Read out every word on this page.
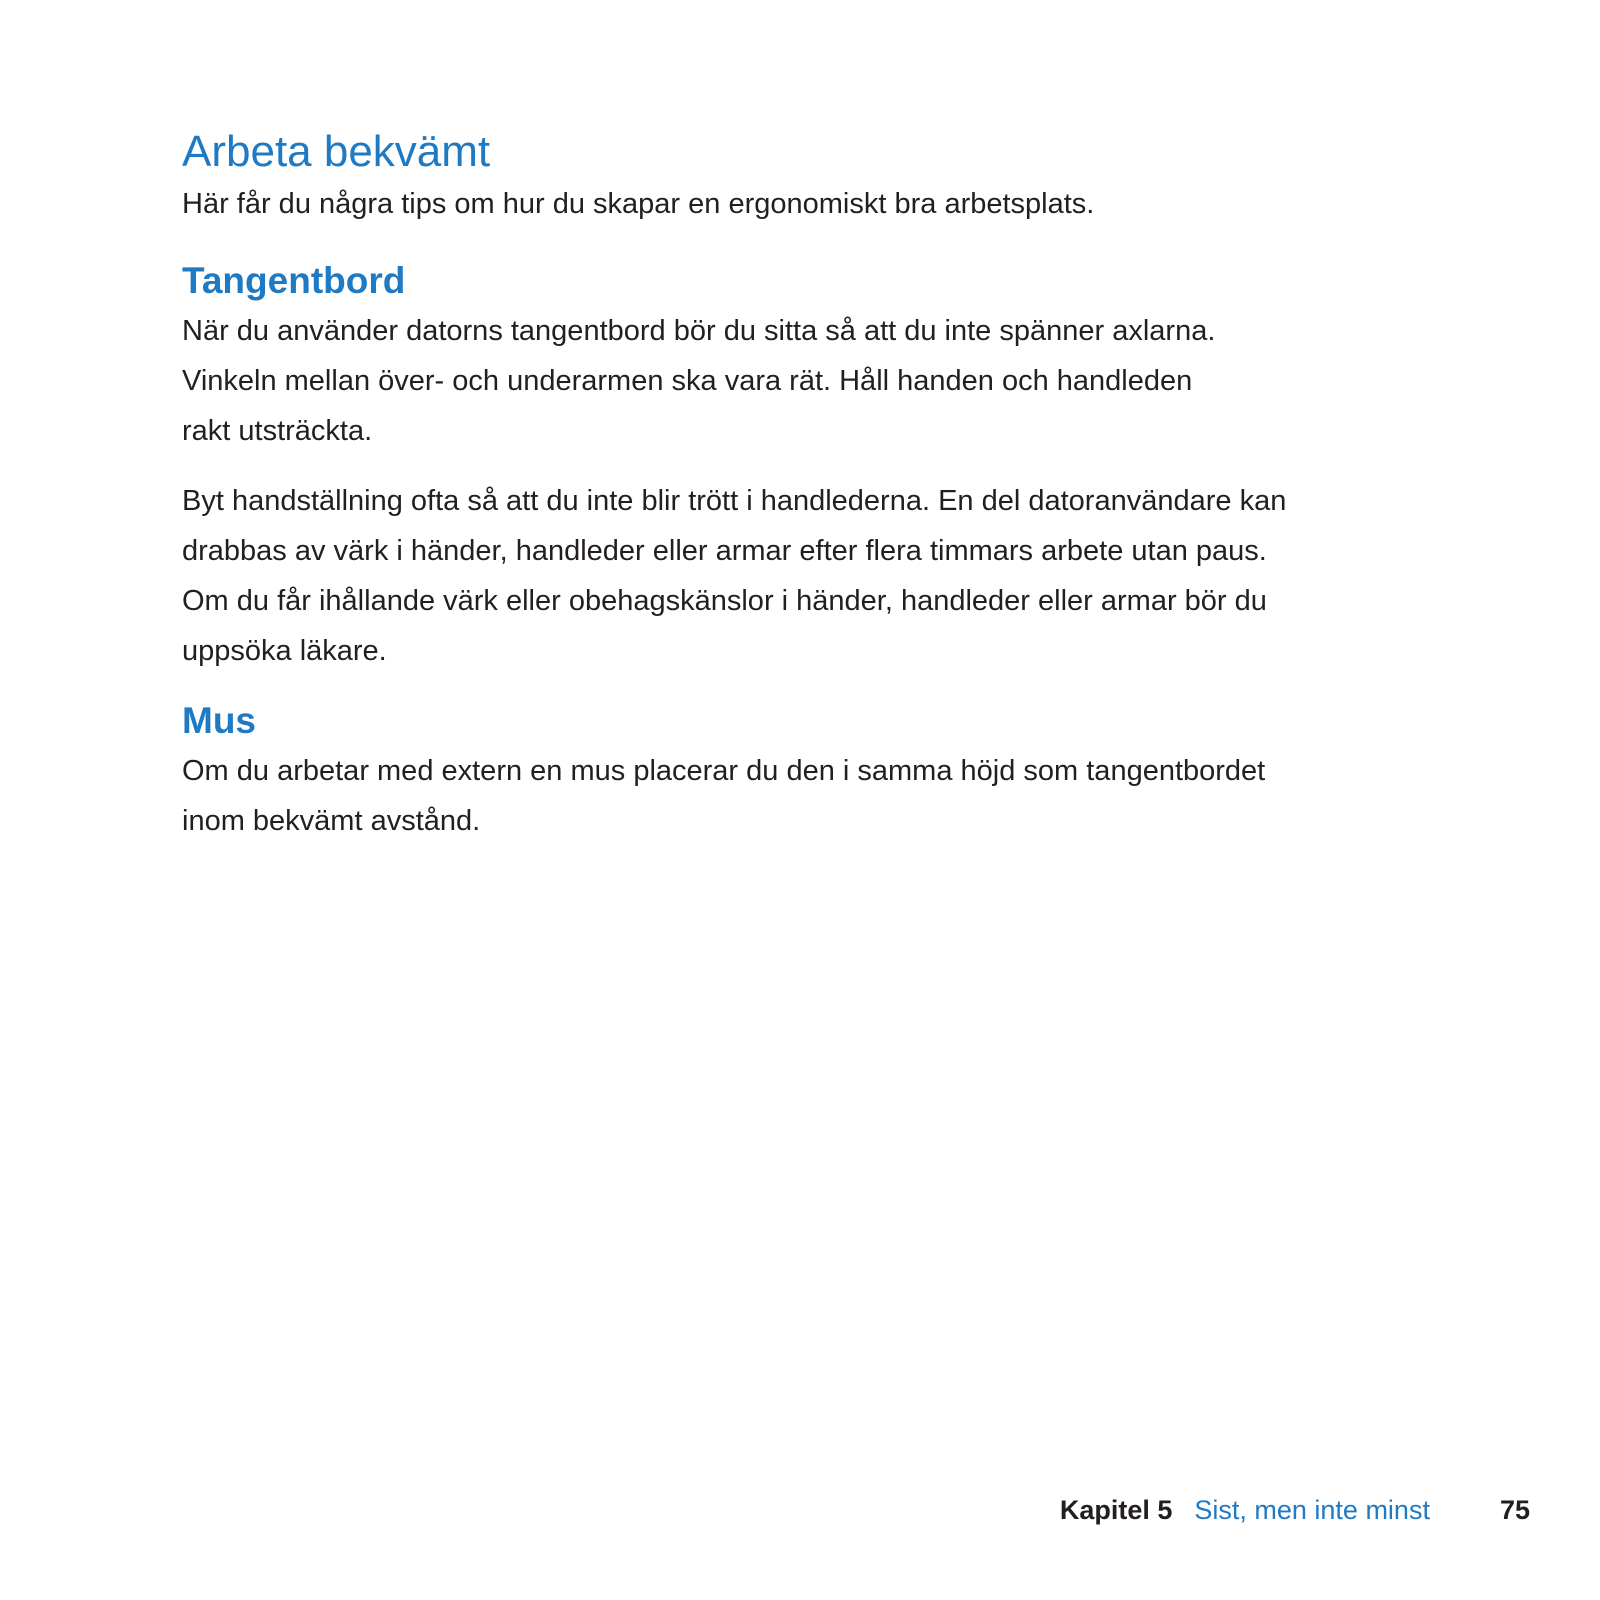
Arbeta bekvämt

Här får du några tips om hur du skapar en ergonomiskt bra arbetsplats.

Tangentbord

När du använder datorns tangentbord bör du sitta så att du inte spänner axlarna.
Vinkeln mellan över- och underarmen ska vara rät. Håll handen och handleden
rakt utsträckta.

Byt handställning ofta så att du inte blir trött i handlederna. En del datoranvändare kan
drabbas av värk i händer, handleder eller armar efter flera timmars arbete utan paus.
Om du får ihållande värk eller obehagskänslor i händer, handleder eller armar bör du
uppsöka läkare.

Mus

Om du arbetar med extern en mus placerar du den i samma höjd som tangentbordet
inom bekvämt avstånd.

Kapitel 5 Sist, men inte minst	75
